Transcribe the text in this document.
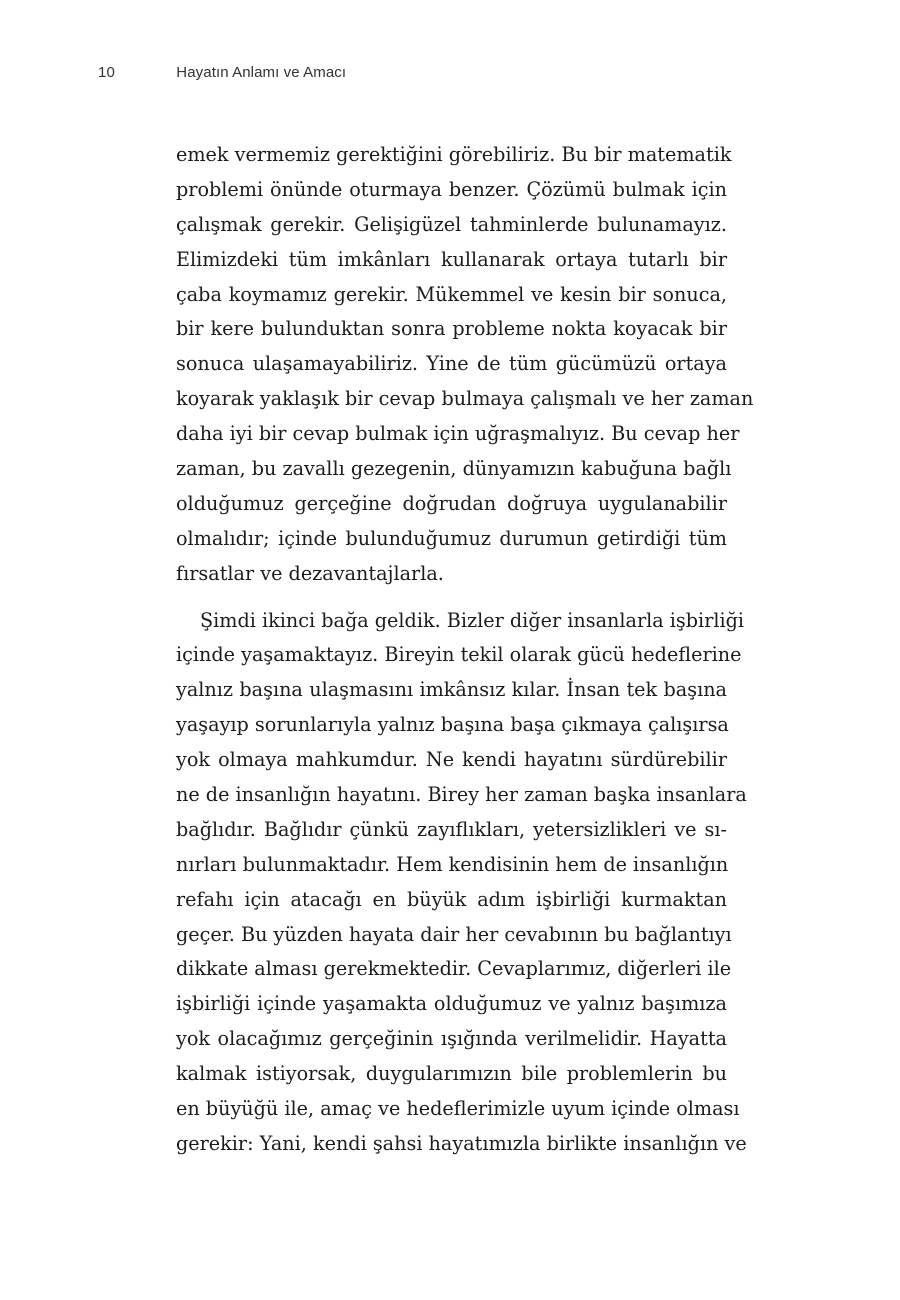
10	Hayatın Anlamı ve Amacı
emek vermemiz gerektiğini görebiliriz. Bu bir matematik
problemi önünde oturmaya benzer. Çözümü bulmak için
çalışmak gerekir. Gelişigüzel tahminlerde bulunamayız.
Elimizdeki tüm imkânları kullanarak ortaya tutarlı bir
çaba koymamız gerekir. Mükemmel ve kesin bir sonuca,
bir kere bulunduktan sonra probleme nokta koyacak bir
sonuca ulaşamayabiliriz. Yine de tüm gücümüzü ortaya
koyarak yaklaşık bir cevap bulmaya çalışmalı ve her zaman
daha iyi bir cevap bulmak için uğraşmalıyız. Bu cevap her
zaman, bu zavallı gezegenin, dünyamızın kabuğuna bağlı
olduğumuz gerçeğine doğrudan doğruya uygulanabilir
olmalıdır; içinde bulunduğumuz durumun getirdiği tüm
fırsatlar ve dezavantajlarla.
Şimdi ikinci bağa geldik. Bizler diğer insanlarla işbirliği
içinde yaşamaktayız. Bireyin tekil olarak gücü hedeflerine
yalnız başına ulaşmasını imkânsız kılar. İnsan tek başına
yaşayıp sorunlarıyla yalnız başına başa çıkmaya çalışırsa
yok olmaya mahkumdur. Ne kendi hayatını sürdürebilir
ne de insanlığın hayatını. Birey her zaman başka insanlara
bağlıdır. Bağlıdır çünkü zayıflıkları, yetersizlikleri ve sı-
nırları bulunmaktadır. Hem kendisinin hem de insanlığın
refahı için atacağı en büyük adım işbirliği kurmaktan
geçer. Bu yüzden hayata dair her cevabının bu bağlantıyı
dikkate alması gerekmektedir. Cevaplarımız, diğerleri ile
işbirliği içinde yaşamakta olduğumuz ve yalnız başımıza
yok olacağımız gerçeğinin ışığında verilmelidir. Hayatta
kalmak istiyorsak, duygularımızın bile problemlerin bu
en büyüğü ile, amaç ve hedeflerimizle uyum içinde olması
gerekir: Yani, kendi şahsi hayatımızla birlikte insanlığın ve
